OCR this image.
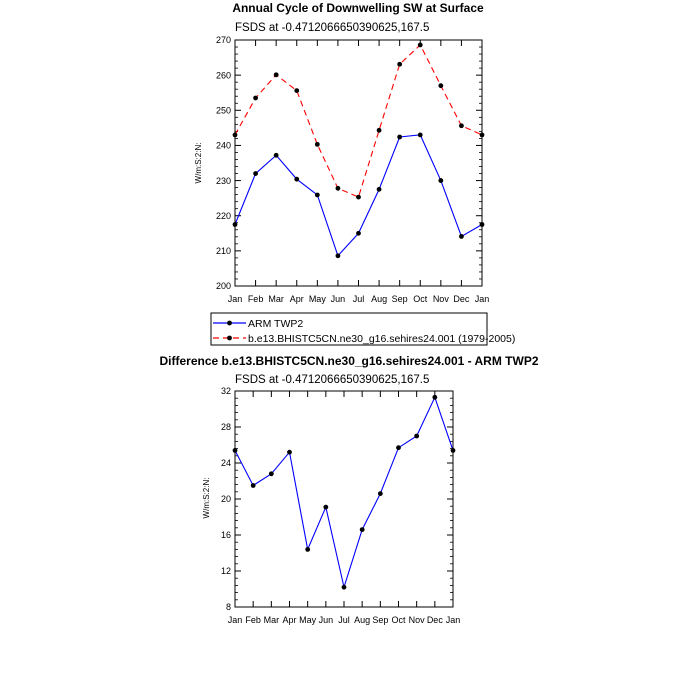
Annual Cycle of Downwelling SW at Surface
FSDS at -0.4712066650390625,167.5
W/m:S:2:N:
200
210
220
230
240
250
260
270
Jan Feb Mar Apr May Jun Jul Aug Sep Oct Nov Dec Jan
ARM TWP2
b.e13.BHISTC5CN.ne30_g16.sehires24.001 (1979-2005)
Difference b.e13.BHISTC5CN.ne30_g16.sehires24.001 - ARM TWP2
FSDS at -0.4712066650390625,167.5
W/m:S:2:N:
8
12
16
20
24
28
32
Jan Feb Mar Apr May Jun Jul Aug Sep Oct Nov Dec Jan
